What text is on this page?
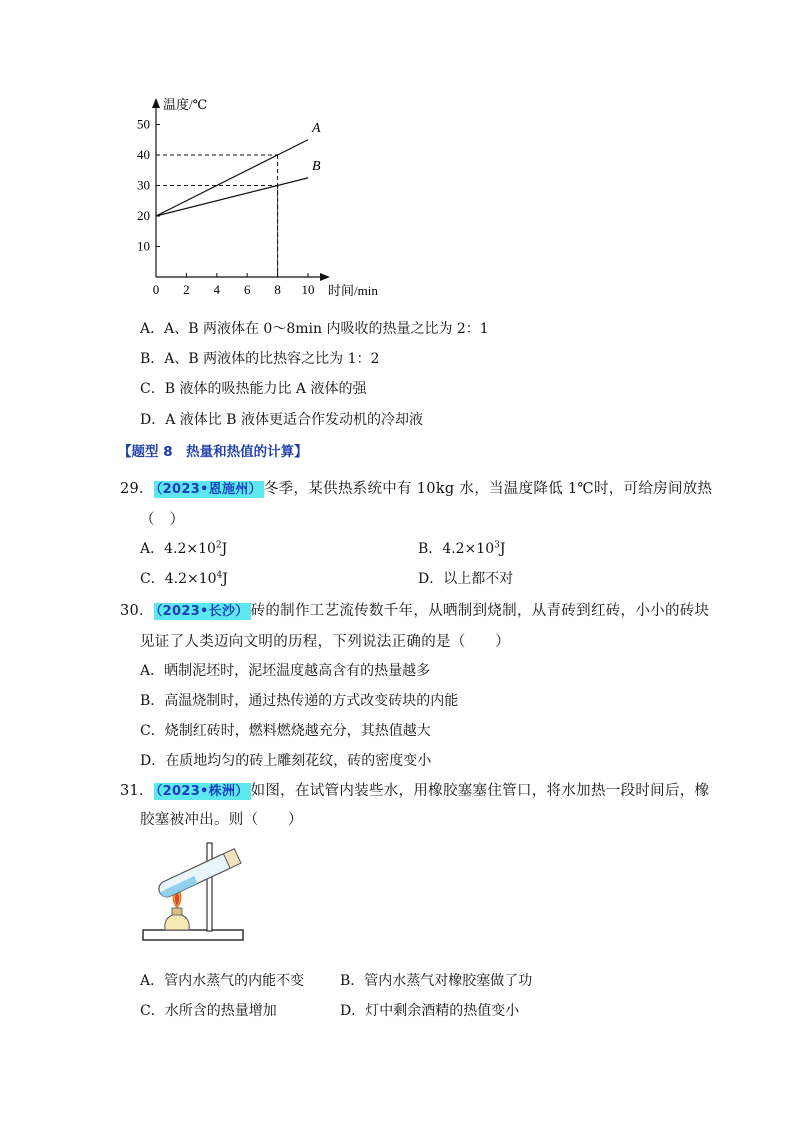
温度/℃
时间/min
0 2 4 6 8 10
10
20
30
40
50	A
B
A．A、B 两液体在 0～8min 内吸收的热量之比为 2：1
B．A、B 两液体的比热容之比为 1：2
C．B 液体的吸热能力比 A 液体的强
D．A 液体比 B 液体更适合作发动机的冷却液
【题型 8　热量和热值的计算】
29． （2023•恩施州） 冬季，某供热系统中有 10kg 水，当温度降低 1℃时，可给房间放热
（　）
A．$4.2\times 10^2J$	B．$4.2\times 10^3J$
C．$4.2\times 10^4J$	D．以上都不对
30． （2023•长沙） 砖的制作工艺流传数千年，从晒制到烧制，从青砖到红砖，小小的砖块
见证了人类迈向文明的历程，下列说法正确的是（　　）
A．晒制泥坯时，泥坯温度越高含有的热量越多
B．高温烧制时，通过热传递的方式改变砖块的内能
C．烧制红砖时，燃料燃烧越充分，其热值越大
D．在质地均匀的砖上雕刻花纹，砖的密度变小
31． （2023•株洲） 如图，在试管内装些水，用橡胶塞塞住管口，将水加热一段时间后，橡
胶塞被冲出。则（　　）
A．管内水蒸气的内能不变	B．管内水蒸气对橡胶塞做了功
C．水所含的热量增加	D．灯中剩余酒精的热值变小
